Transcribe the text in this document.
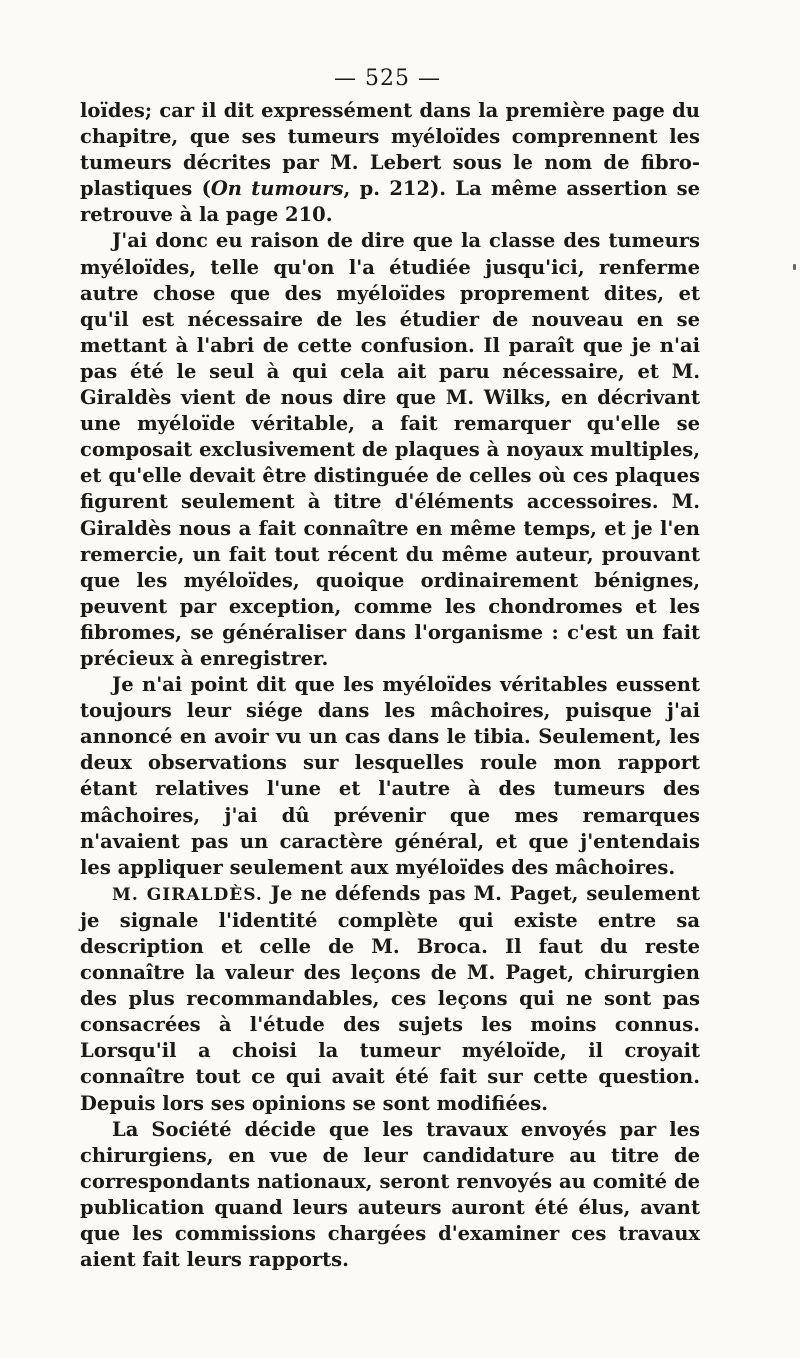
— 525 —

loïdes; car il dit expressément dans la première page du chapitre, que ses tumeurs myéloïdes comprennent les tumeurs décrites par M. Lebert sous le nom de fibro-plastiques (On tumours, p. 212). La même assertion se retrouve à la page 210.

J'ai donc eu raison de dire que la classe des tumeurs myéloïdes, telle qu'on l'a étudiée jusqu'ici, renferme autre chose que des myéloïdes proprement dites, et qu'il est nécessaire de les étudier de nouveau en se mettant à l'abri de cette confusion. Il paraît que je n'ai pas été le seul à qui cela ait paru nécessaire, et M. Giraldès vient de nous dire que M. Wilks, en décrivant une myéloïde véritable, a fait remarquer qu'elle se composait exclusivement de plaques à noyaux multiples, et qu'elle devait être distinguée de celles où ces plaques figurent seulement à titre d'éléments accessoires. M. Giraldès nous a fait connaître en même temps, et je l'en remercie, un fait tout récent du même auteur, prouvant que les myéloïdes, quoique ordinairement bénignes, peuvent par exception, comme les chondromes et les fibromes, se généraliser dans l'organisme : c'est un fait précieux à enregistrer.

Je n'ai point dit que les myéloïdes véritables eussent toujours leur siége dans les mâchoires, puisque j'ai annoncé en avoir vu un cas dans le tibia. Seulement, les deux observations sur lesquelles roule mon rapport étant relatives l'une et l'autre à des tumeurs des mâchoires, j'ai dû prévenir que mes remarques n'avaient pas un caractère général, et que j'entendais les appliquer seulement aux myéloïdes des mâchoires.

M. GIRALDÈS. Je ne défends pas M. Paget, seulement je signale l'identité complète qui existe entre sa description et celle de M. Broca. Il faut du reste connaître la valeur des leçons de M. Paget, chirurgien des plus recommandables, ces leçons qui ne sont pas consacrées à l'étude des sujets les moins connus. Lorsqu'il a choisi la tumeur myéloïde, il croyait connaître tout ce qui avait été fait sur cette question. Depuis lors ses opinions se sont modifiées.

La Société décide que les travaux envoyés par les chirurgiens, en vue de leur candidature au titre de correspondants nationaux, seront renvoyés au comité de publication quand leurs auteurs auront été élus, avant que les commissions chargées d'examiner ces travaux aient fait leurs rapports.
